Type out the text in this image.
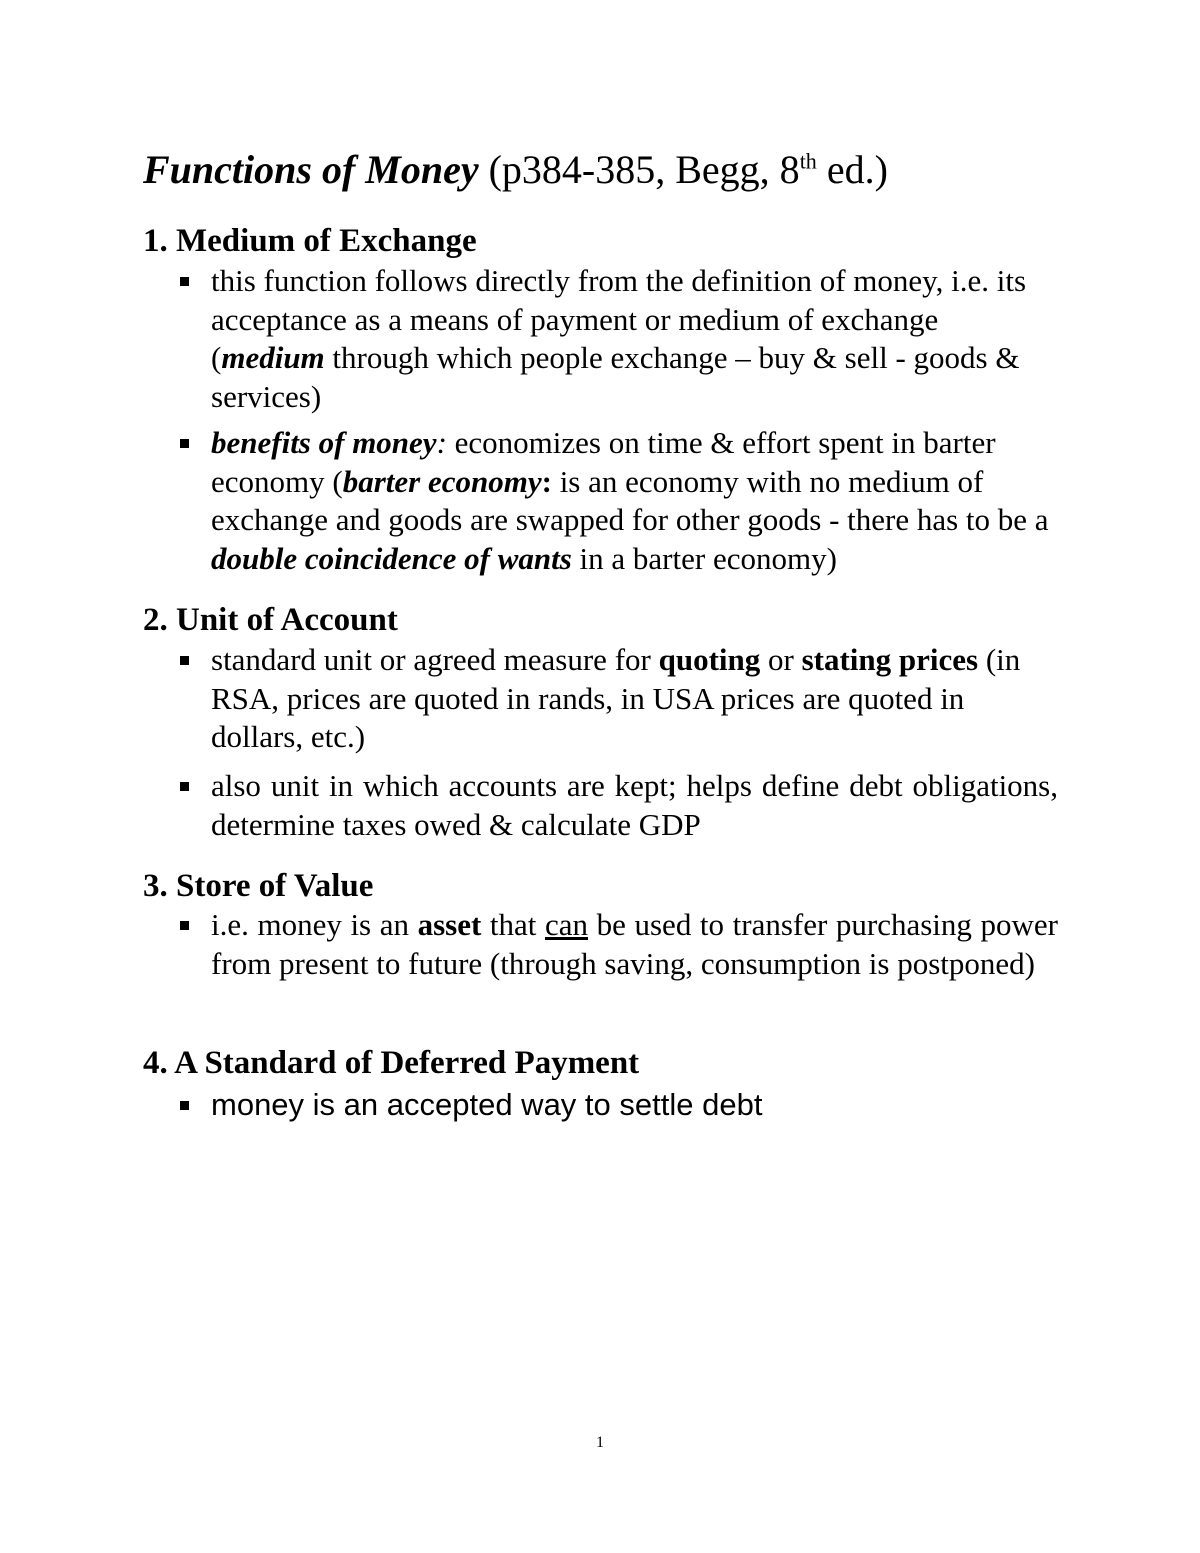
Functions of Money (p384-385, Begg, 8th ed.)
1. Medium of Exchange
this function follows directly from the definition of money, i.e. its acceptance as a means of payment or medium of exchange (medium through which people exchange – buy & sell - goods & services)
benefits of money: economizes on time & effort spent in barter economy (barter economy: is an economy with no medium of exchange and goods are swapped for other goods - there has to be a double coincidence of wants in a barter economy)
2. Unit of Account
standard unit or agreed measure for quoting or stating prices (in RSA, prices are quoted in rands, in USA prices are quoted in dollars, etc.)
also unit in which accounts are kept; helps define debt obligations, determine taxes owed & calculate GDP
3. Store of Value
i.e. money is an asset that can be used to transfer purchasing power from present to future (through saving, consumption is postponed)
4. A Standard of Deferred Payment
money is an accepted way to settle debt
1
